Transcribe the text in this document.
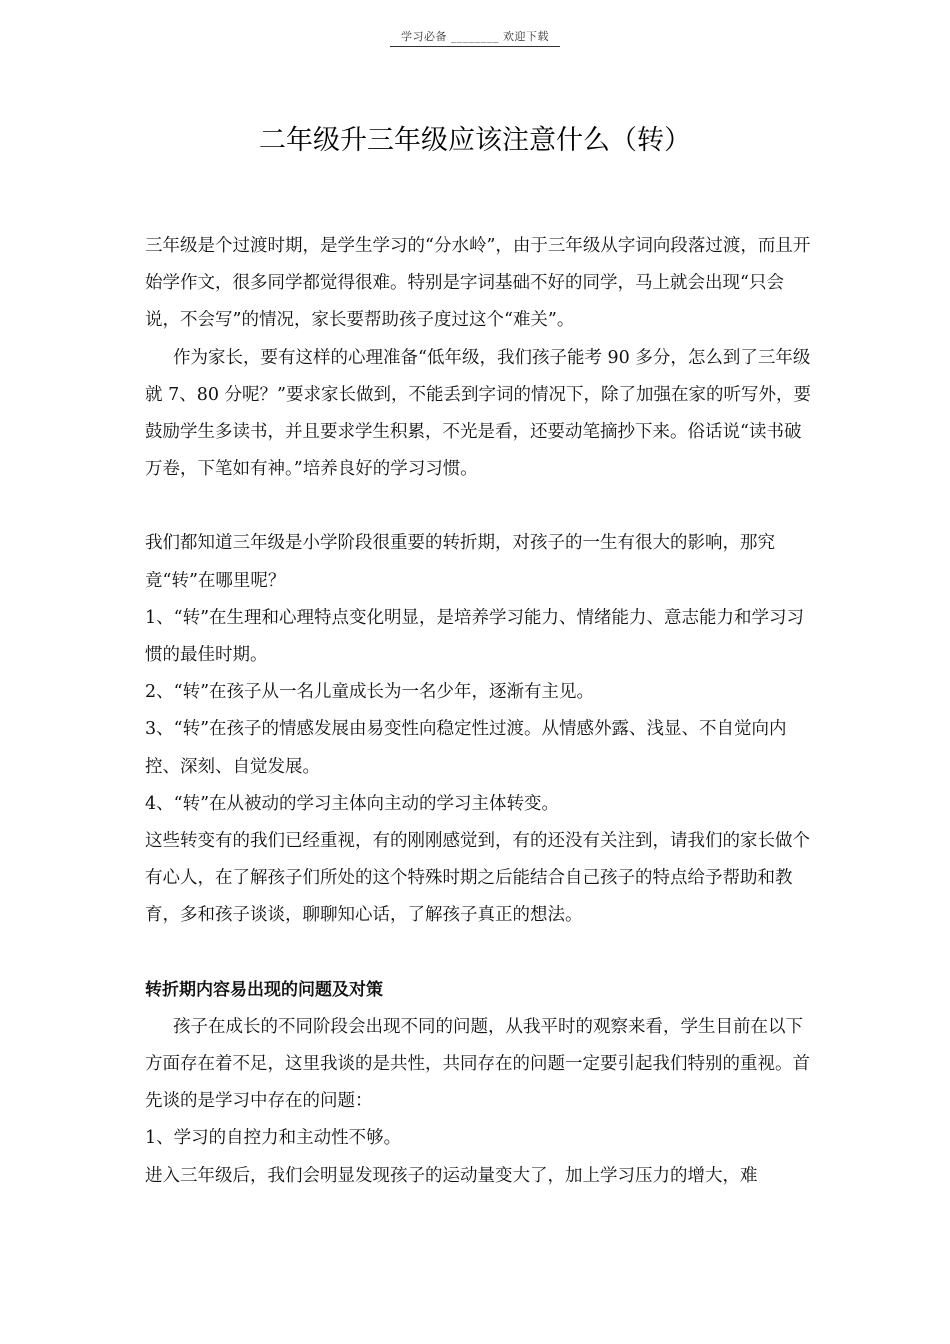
学习必备 ________ 欢迎下载
二年级升三年级应该注意什么（转）

三年级是个过渡时期，是学生学习的“分水岭”，由于三年级从字词向段落过渡，而且开始学作文，很多同学都觉得很难。特别是字词基础不好的同学，马上就会出现“只会说，不会写”的情况，家长要帮助孩子度过这个“难关”。

作为家长，要有这样的心理准备“低年级，我们孩子能考 90 多分，怎么到了三年级就 7、80 分呢？”要求家长做到，不能丢到字词的情况下，除了加强在家的听写外，要鼓励学生多读书，并且要求学生积累，不光是看，还要动笔摘抄下来。俗话说“读书破万卷，下笔如有神。”培养良好的学习习惯。

我们都知道三年级是小学阶段很重要的转折期，对孩子的一生有很大的影响，那究竟“转”在哪里呢？

1、“转”在生理和心理特点变化明显，是培养学习能力、情绪能力、意志能力和学习习惯的最佳时期。

2、“转”在孩子从一名儿童成长为一名少年，逐渐有主见。

3、“转”在孩子的情感发展由易变性向稳定性过渡。从情感外露、浅显、不自觉向内控、深刻、自觉发展。

4、“转”在从被动的学习主体向主动的学习主体转变。

这些转变有的我们已经重视，有的刚刚感觉到，有的还没有关注到，请我们的家长做个有心人，在了解孩子们所处的这个特殊时期之后能结合自己孩子的特点给予帮助和教育，多和孩子谈谈，聊聊知心话，了解孩子真正的想法。

转折期内容易出现的问题及对策

孩子在成长的不同阶段会出现不同的问题，从我平时的观察来看，学生目前在以下方面存在着不足，这里我谈的是共性，共同存在的问题一定要引起我们特别的重视。首先谈的是学习中存在的问题：

1、学习的自控力和主动性不够。

进入三年级后，我们会明显发现孩子的运动量变大了，加上学习压力的增大，难
